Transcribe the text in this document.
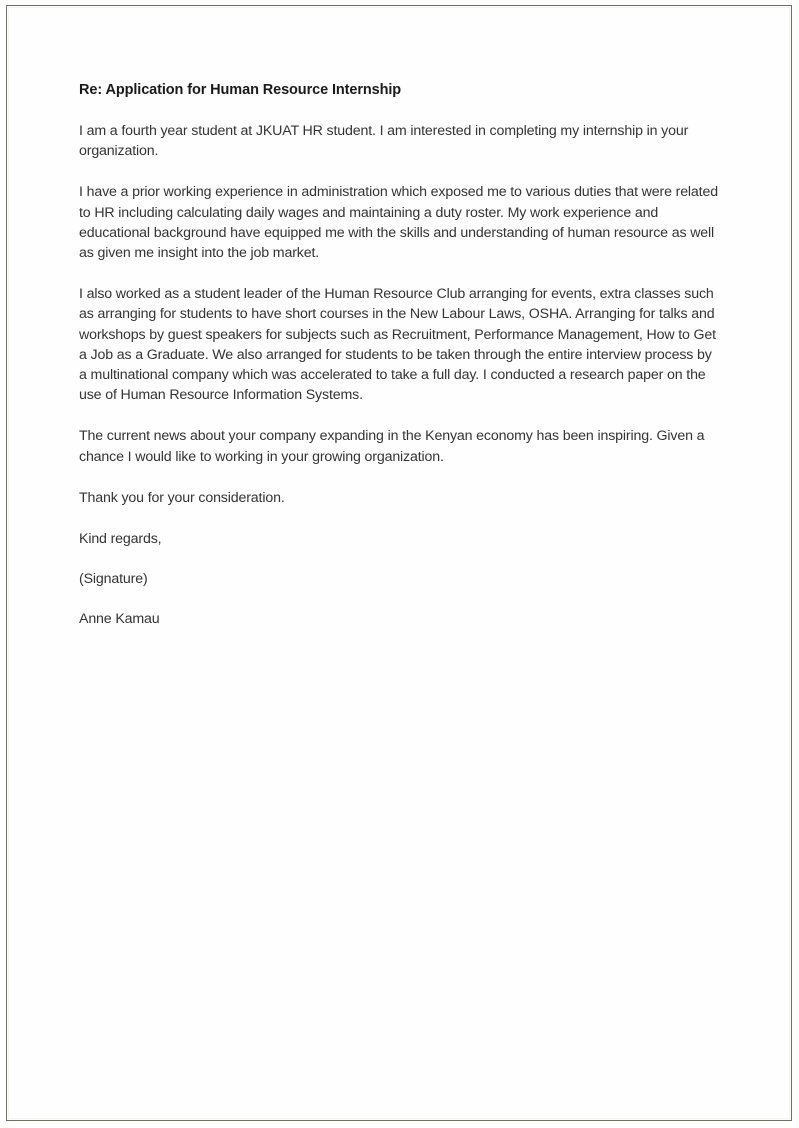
Re: Application for Human Resource Internship

I am a fourth year student at JKUAT HR student. I am interested in completing my internship in your organization.

I have a prior working experience in administration which exposed me to various duties that were related to HR including calculating daily wages and maintaining a duty roster. My work experience and educational background have equipped me with the skills and understanding of human resource as well as given me insight into the job market.

I also worked as a student leader of the Human Resource Club arranging for events, extra classes such as arranging for students to have short courses in the New Labour Laws, OSHA. Arranging for talks and workshops by guest speakers for subjects such as Recruitment, Performance Management, How to Get a Job as a Graduate. We also arranged for students to be taken through the entire interview process by a multinational company which was accelerated to take a full day. I conducted a research paper on the use of Human Resource Information Systems.

The current news about your company expanding in the Kenyan economy has been inspiring. Given a chance I would like to working in your growing organization.

Thank you for your consideration.

Kind regards,

(Signature)

Anne Kamau
